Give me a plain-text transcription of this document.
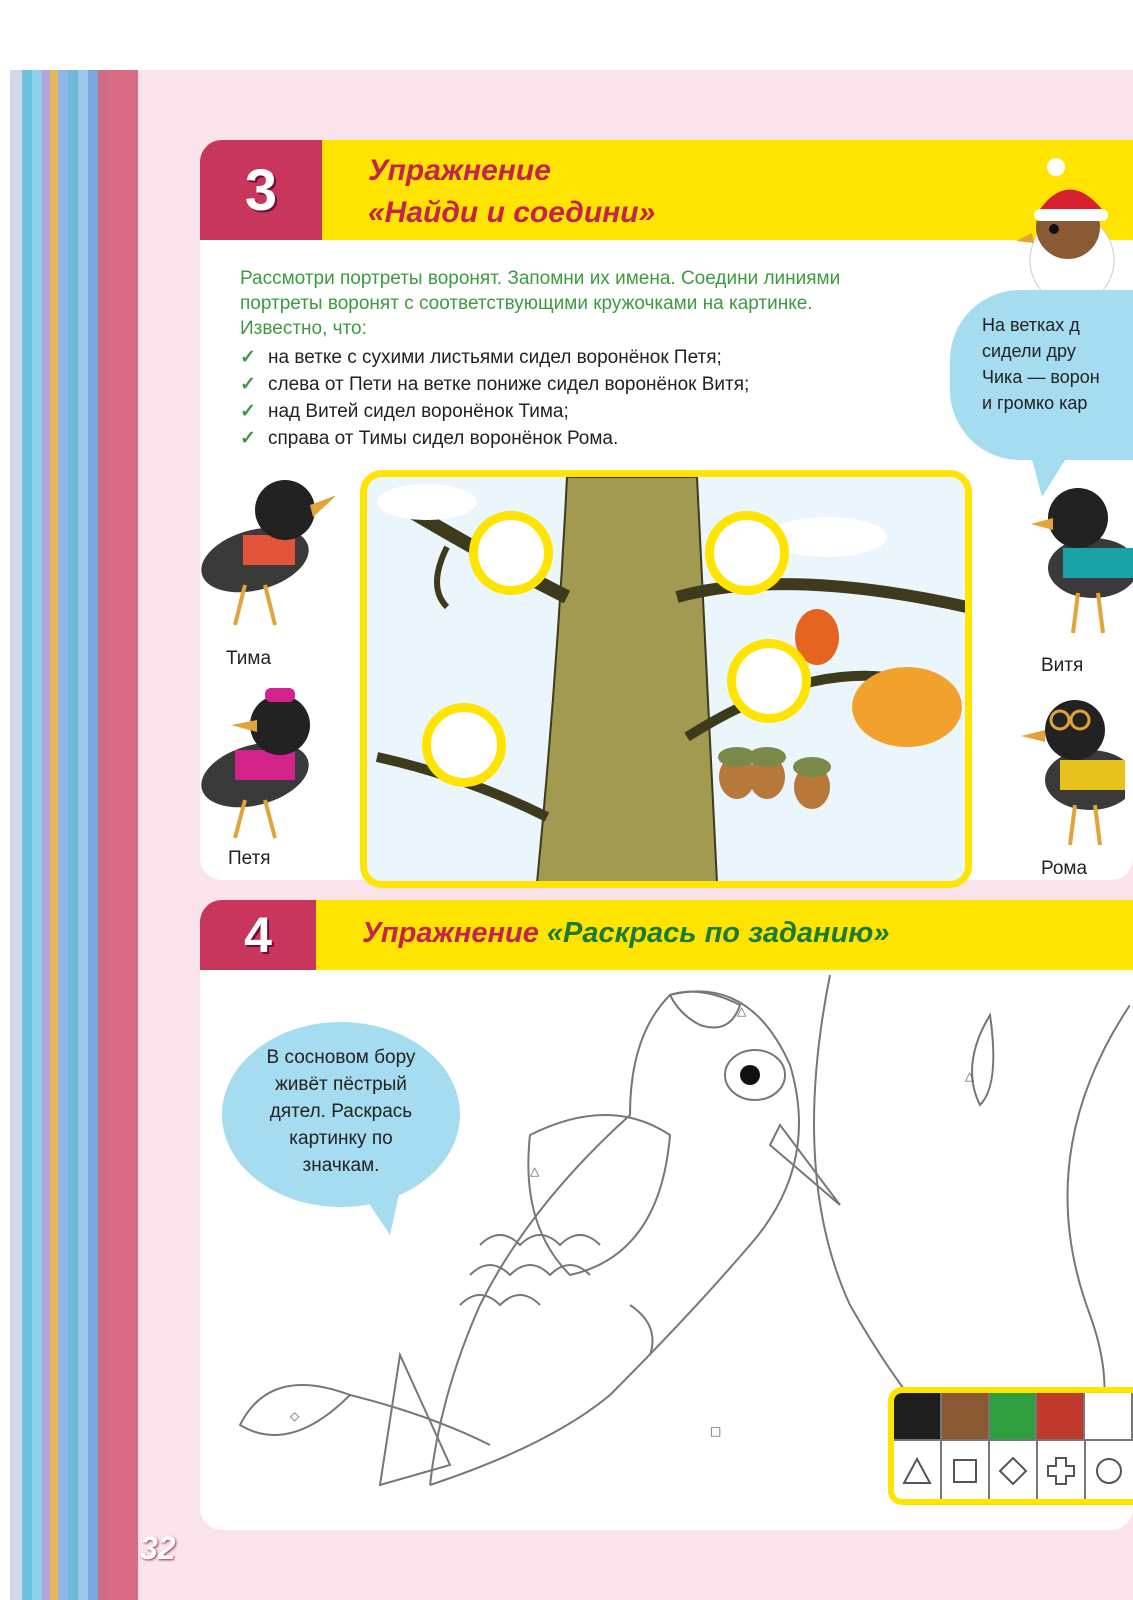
3	Упражнение
«Найди и соедини»
Рассмотри портреты воронят. Запомни их имена. Соедини линиями
портреты воронят с соответствующими кружочками на картинке.
Известно, что:
✓ на ветке с сухими листьями сидел воронёнок Петя;
✓ слева от Пети на ветке пониже сидел воронёнок Витя;
✓ над Витей сидел воронёнок Тима;
✓ справа от Тимы сидел воронёнок Рома.
На ветках д
сидели дру
Чика — ворон
и громко кар
Тима
Петя
Витя
Рома
4	Упражнение «Раскрась по заданию»
В сосновом бору
живёт пёстрый
дятел. Раскрась
картинку по
значкам.
△
△
△
◇
□
32
